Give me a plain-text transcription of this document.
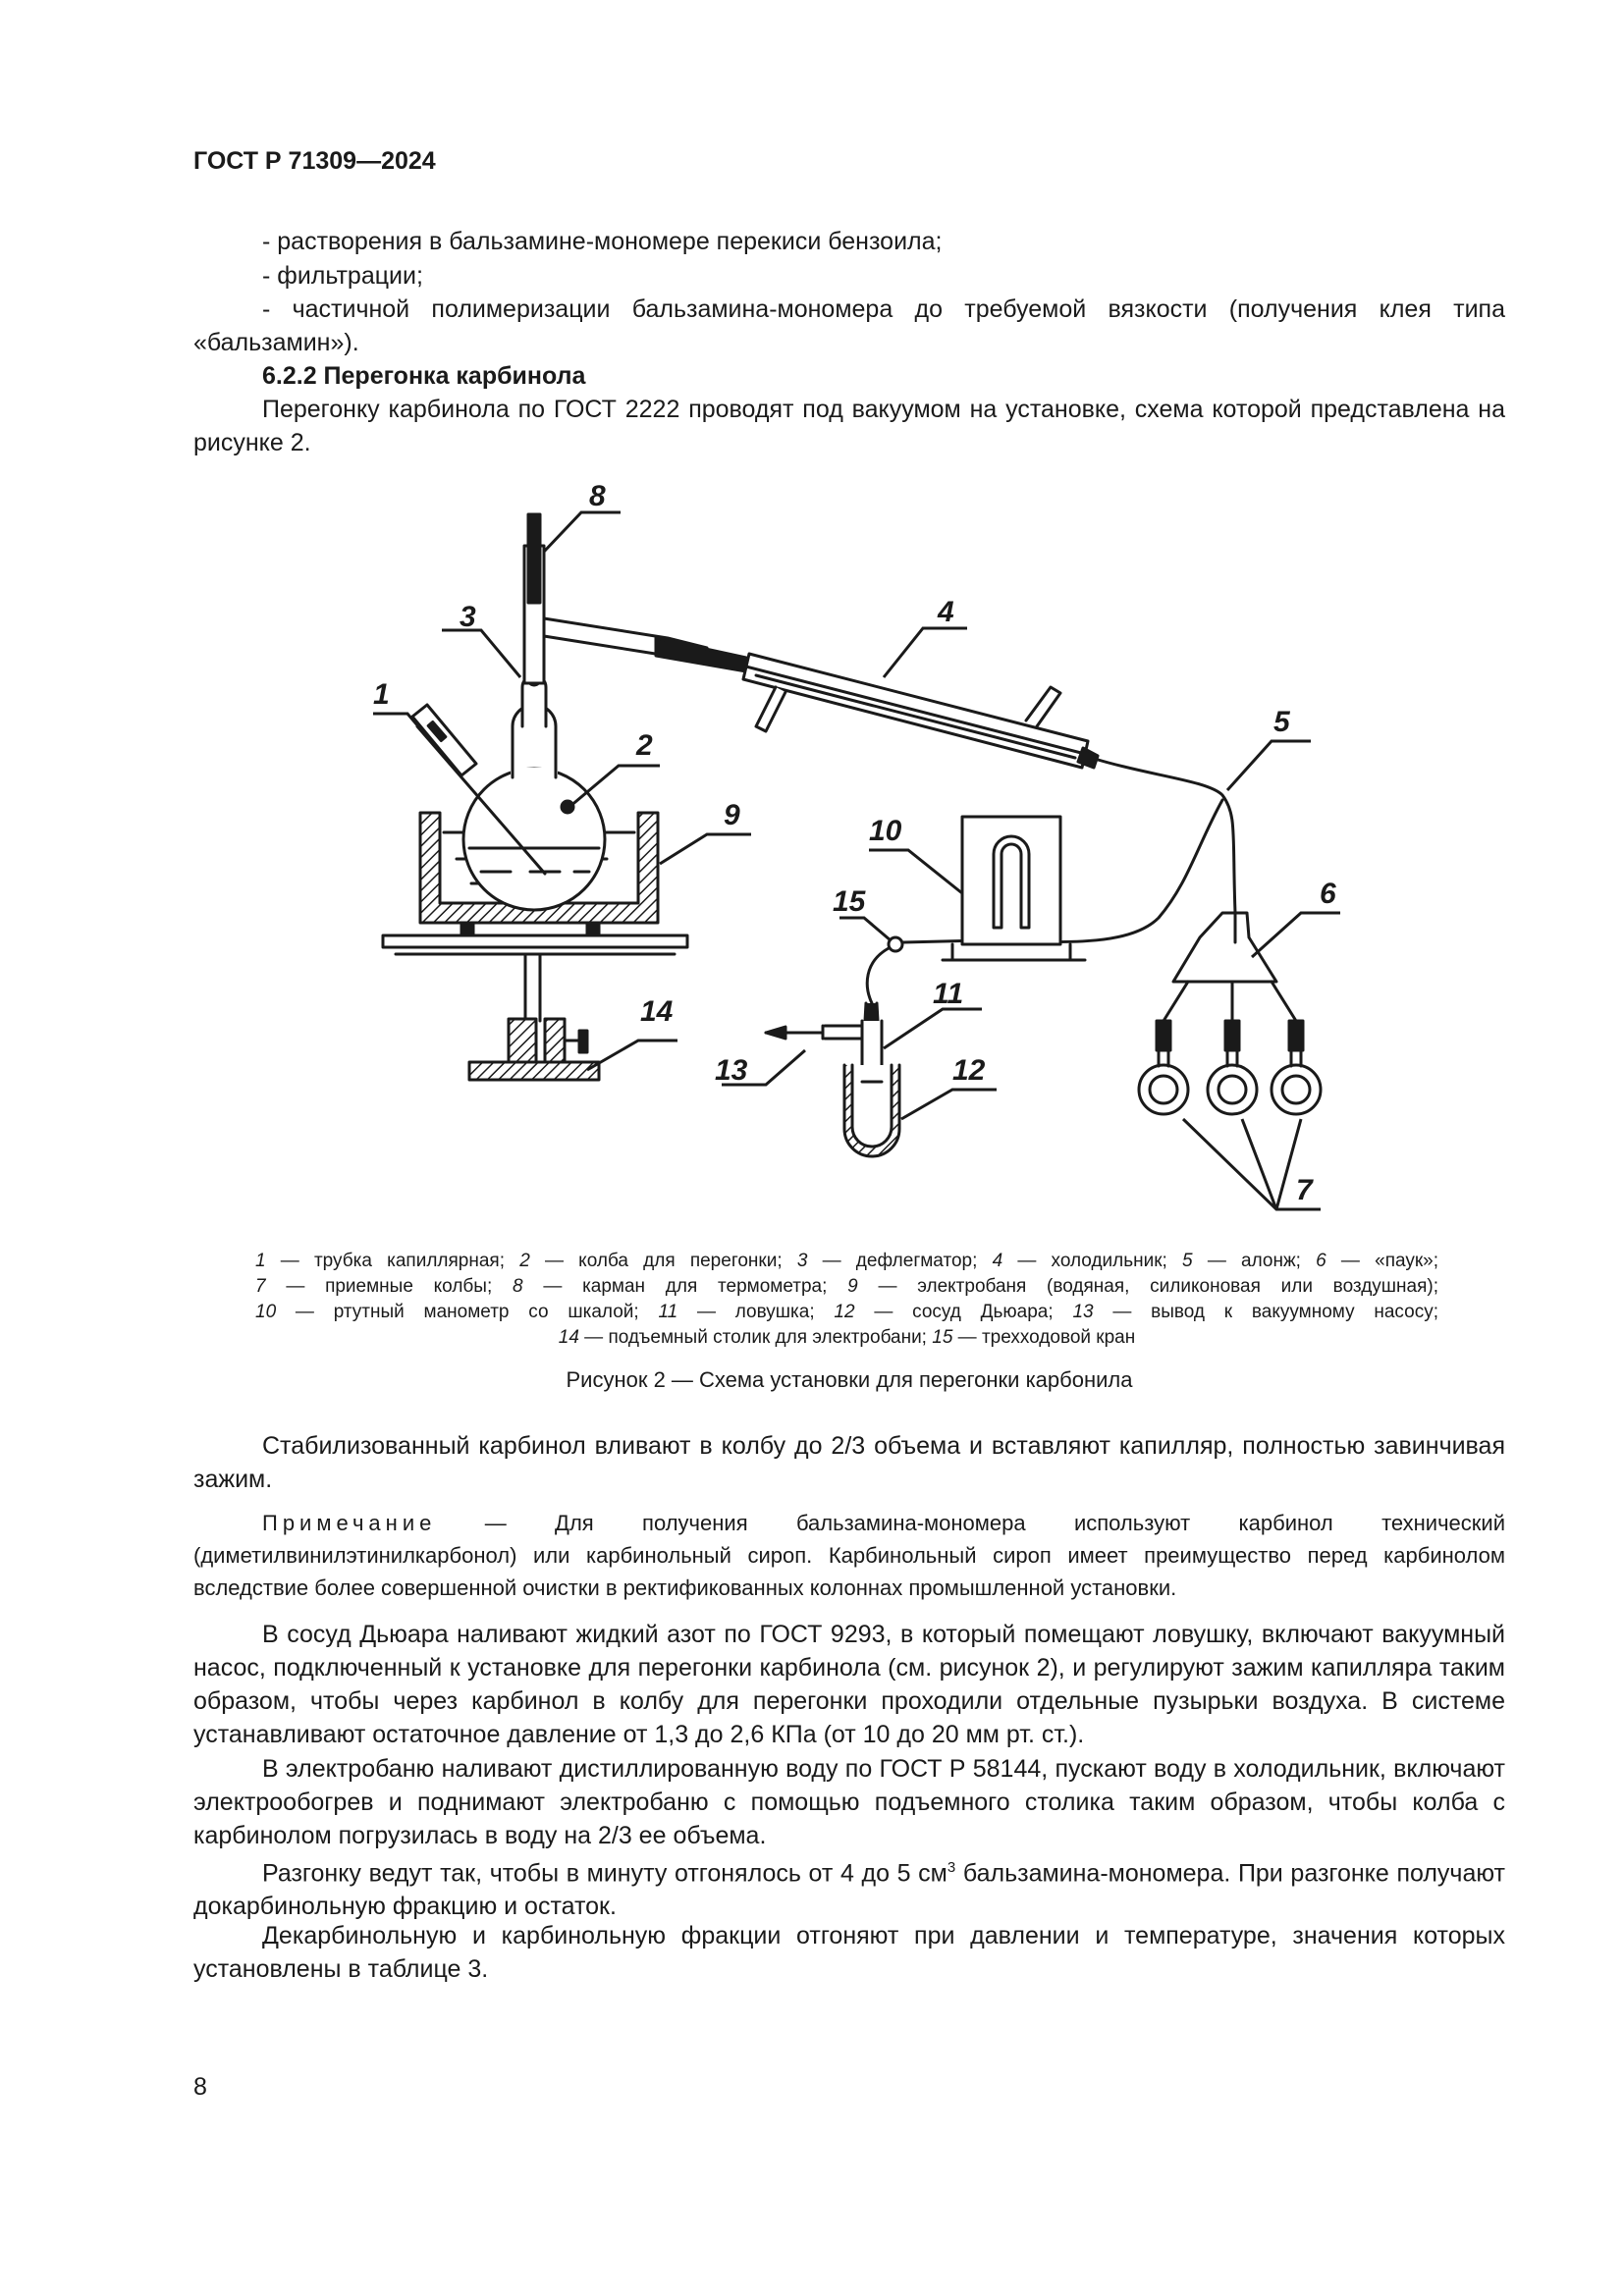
ГОСТ Р 71309—2024
- растворения в бальзамине-мономере перекиси бензоила;
- фильтрации;
- частичной полимеризации бальзамина-мономера до требуемой вязкости (получения клея типа «бальзамин»).
6.2.2 Перегонка карбинола
Перегонку карбинола по ГОСТ 2222 проводят под вакуумом на установке, схема которой представлена на рисунке 2.
1
2
3	4
5
6
7
8
9	10
11
12
13
14
15
1 — трубка капиллярная; 2 — колба для перегонки; 3 — дефлегматор; 4 — холодильник; 5 — алонж; 6 — «паук»;
7 — приемные колбы; 8 — карман для термометра; 9 — электробаня (водяная, силиконовая или воздушная);
10 — ртутный манометр со шкалой; 11 — ловушка; 12 — сосуд Дьюара; 13 — вывод к вакуумному насосу;
14 — подъемный столик для электробани; 15 — трехходовой кран
Рисунок 2 — Схема установки для перегонки карбонила
Стабилизованный карбинол вливают в колбу до 2/3 объема и вставляют капилляр, полностью завинчивая зажим.
Примечание — Для получения бальзамина-мономера используют карбинол технический (диметилвинилэтинилкарбонол) или карбинольный сироп. Карбинольный сироп имеет преимущество перед карбинолом вследствие более совершенной очистки в ректификованных колоннах промышленной установки.
В сосуд Дьюара наливают жидкий азот по ГОСТ 9293, в который помещают ловушку, включают вакуумный насос, подключенный к установке для перегонки карбинола (см. рисунок 2), и регулируют зажим капилляра таким образом, чтобы через карбинол в колбу для перегонки проходили отдельные пузырьки воздуха. В системе устанавливают остаточное давление от 1,3 до 2,6 КПа (от 10 до 20 мм рт. ст.).
В электробаню наливают дистиллированную воду по ГОСТ Р 58144, пускают воду в холодильник, включают электрообогрев и поднимают электробаню с помощью подъемного столика таким образом, чтобы колба с карбинолом погрузилась в воду на 2/3 ее объема.
Разгонку ведут так, чтобы в минуту отгонялось от 4 до 5 $см^3$ бальзамина-мономера. При разгонке получают докарбинольную фракцию и остаток.
Декарбинольную и карбинольную фракции отгоняют при давлении и температуре, значения которых установлены в таблице 3.
8
